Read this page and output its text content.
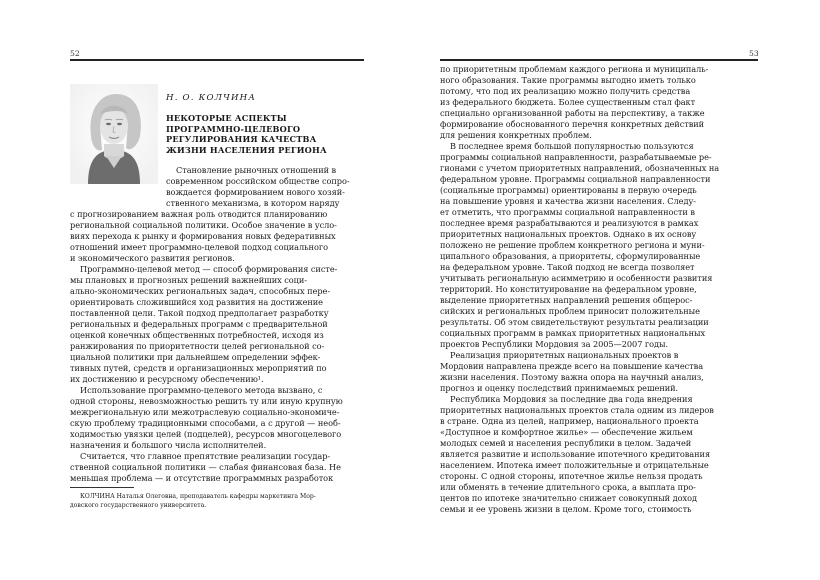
52

Н. О. КОЛЧИНА

НЕКОТОРЫЕ АСПЕКТЫ
ПРОГРАММНО-ЦЕЛЕВОГО
РЕГУЛИРОВАНИЯ КАЧЕСТВА
ЖИЗНИ НАСЕЛЕНИЯ РЕГИОНА

Становление рыночных отношений в

современном российском обществе сопро-

вождается формированием нового хозяй-

ственного механизма, в котором наряду

с прогнозированием важная роль отводится планированию

региональной социальной политики. Особое значение в усло-

виях перехода к рынку и формирования новых федеративных

отношений имеет программно-целевой подход социального

и экономического развития регионов.

Программно-целевой метод — способ формирования систе-

мы плановых и прогнозных решений важнейших соци-

ально-экономических региональных задач, способных пере-

ориентировать сложившийся ход развития на достижение

поставленной цели. Такой подход предполагает разработку

региональных и федеральных программ с предварительной

оценкой конечных общественных потребностей, исходя из

ранжирования по приоритетности целей региональной со-

циальной политики при дальнейшем определении эффек-

тивных путей, средств и организационных мероприятий по

их достижению и ресурсному обеспечению¹.

Использование программно-целевого метода вызвано, с

одной стороны, невозможностью решить ту или иную крупную

межрегиональную или межотраслевую социально-экономиче-

скую проблему традиционными способами, а с другой — необ-

ходимостью увязки целей (подцелей), ресурсов многоцелевого

назначения и большого числа исполнителей.

Считается, что главное препятствие реализации государ-

ственной социальной политики — слабая финансовая база. Не

меньшая проблема — и отсутствие программных разработок

КОЛЧИНА Наталья Олеговна, преподаватель кафедры маркетинга Мор-

довского государственного университета.

53

по приоритетным проблемам каждого региона и муниципаль-

ного образования. Такие программы выгодно иметь только

потому, что под их реализацию можно получить средства

из федерального бюджета. Более существенным стал факт

специально организованной работы на перспективу, а также

формирование обоснованного перечня конкретных действий

для решения конкретных проблем.

В последнее время большой популярностью пользуются

программы социальной направленности, разрабатываемые ре-

гионами с учетом приоритетных направлений, обозначенных на

федеральном уровне. Программы социальной направленности

(социальные программы) ориентированы в первую очередь

на повышение уровня и качества жизни населения. Следу-

ет отметить, что программы социальной направленности в

последнее время разрабатываются и реализуются в рамках

приоритетных национальных проектов. Однако в их основу

положено не решение проблем конкретного региона и муни-

ципального образования, а приоритеты, сформулированные

на федеральном уровне. Такой подход не всегда позволяет

учитывать региональную асимметрию и особенности развития

территорий. Но конституирование на федеральном уровне,

выделение приоритетных направлений решения общерос-

сийских и региональных проблем приносит положительные

результаты. Об этом свидетельствуют результаты реализации

социальных программ в рамках приоритетных национальных

проектов Республики Мордовия за 2005—2007 годы.

Реализация приоритетных национальных проектов в

Мордовии направлена прежде всего на повышение качества

жизни населения. Поэтому важна опора на научный анализ,

прогноз и оценку последствий принимаемых решений.

Республика Мордовия за последние два года внедрения

приоритетных национальных проектов стала одним из лидеров

в стране. Одна из целей, например, национального проекта

«Доступное и комфортное жилье» — обеспечение жильем

молодых семей и населения республики в целом. Задачей

является развитие и использование ипотечного кредитования

населением. Ипотека имеет положительные и отрицательные

стороны. С одной стороны, ипотечное жилье нельзя продать

или обменять в течение длительного срока, а выплата про-

центов по ипотеке значительно снижает совокупный доход

семьи и ее уровень жизни в целом. Кроме того, стоимость
